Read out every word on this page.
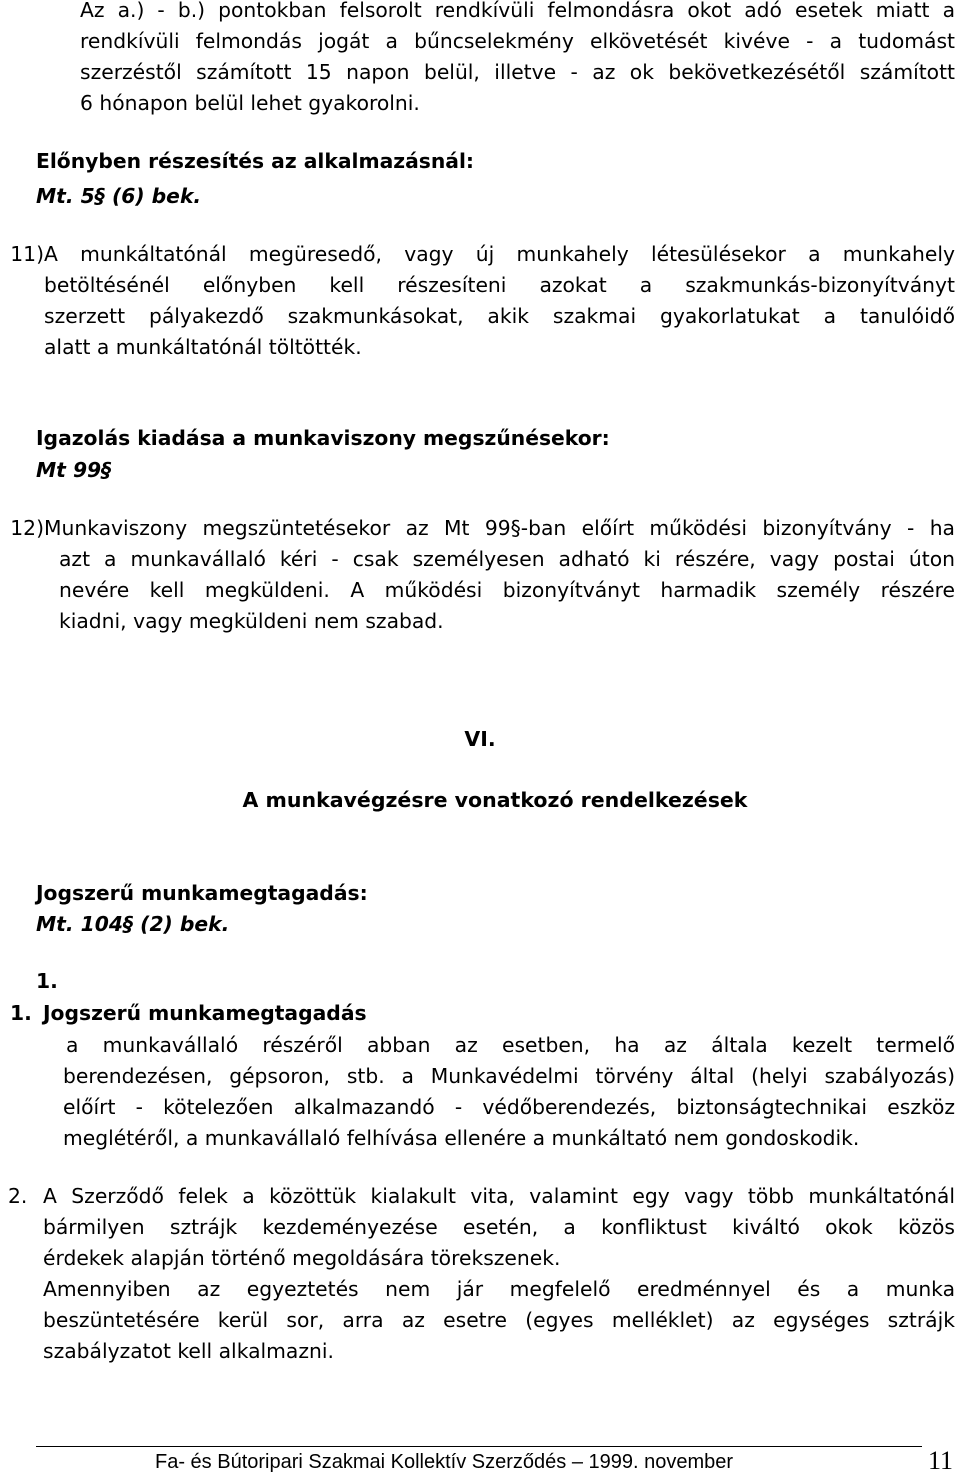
Az a.) - b.) pontokban felsorolt rendkívüli felmondásra okot adó esetek miatt a
rendkívüli felmondás jogát a bűncselekmény elkövetését kivéve - a tudomást
szerzéstől számított 15 napon belül, illetve - az ok bekövetkezésétől számított
6 hónapon belül lehet gyakorolni.
Előnyben részesítés az alkalmazásnál:
Mt. 5§ (6) bek.
11) A munkáltatónál megüresedő, vagy új munkahely létesülésekor a munkahely
betöltésénél előnyben kell részesíteni azokat a szakmunkás-bizonyítványt
szerzett pályakezdő szakmunkásokat, akik szakmai gyakorlatukat a tanulóidő
alatt a munkáltatónál töltötték.
Igazolás kiadása a munkaviszony megszűnésekor:
Mt 99§
12) Munkaviszony megszüntetésekor az Mt 99§-ban előírt működési bizonyítvány - ha
azt a munkavállaló kéri - csak személyesen adható ki részére, vagy postai úton
nevére kell megküldeni. A működési bizonyítványt harmadik személy részére
kiadni, vagy megküldeni nem szabad.
VI.
A munkavégzésre vonatkozó rendelkezések
Jogszerű munkamegtagadás:
Mt. 104§ (2) bek.
1.
1. Jogszerű munkamegtagadás
a munkavállaló részéről abban az esetben, ha az általa kezelt termelő
berendezésen, gépsoron, stb. a Munkavédelmi törvény által (helyi szabályozás)
előírt - kötelezően alkalmazandó - védőberendezés, biztonságtechnikai eszköz
meglétéről, a munkavállaló felhívása ellenére a munkáltató nem gondoskodik.
2. A Szerződő felek a közöttük kialakult vita, valamint egy vagy több munkáltatónál
bármilyen sztrájk kezdeményezése esetén, a konfliktust kiváltó okok közös
érdekek alapján történő megoldására törekszenek.
Amennyiben az egyeztetés nem jár megfelelő eredménnyel és a munka
beszüntetésére kerül sor, arra az esetre (egyes melléklet) az egységes sztrájk
szabályzatot kell alkalmazni.
Fa- és Bútoripari Szakmai Kollektív Szerződés – 1999. november	11
